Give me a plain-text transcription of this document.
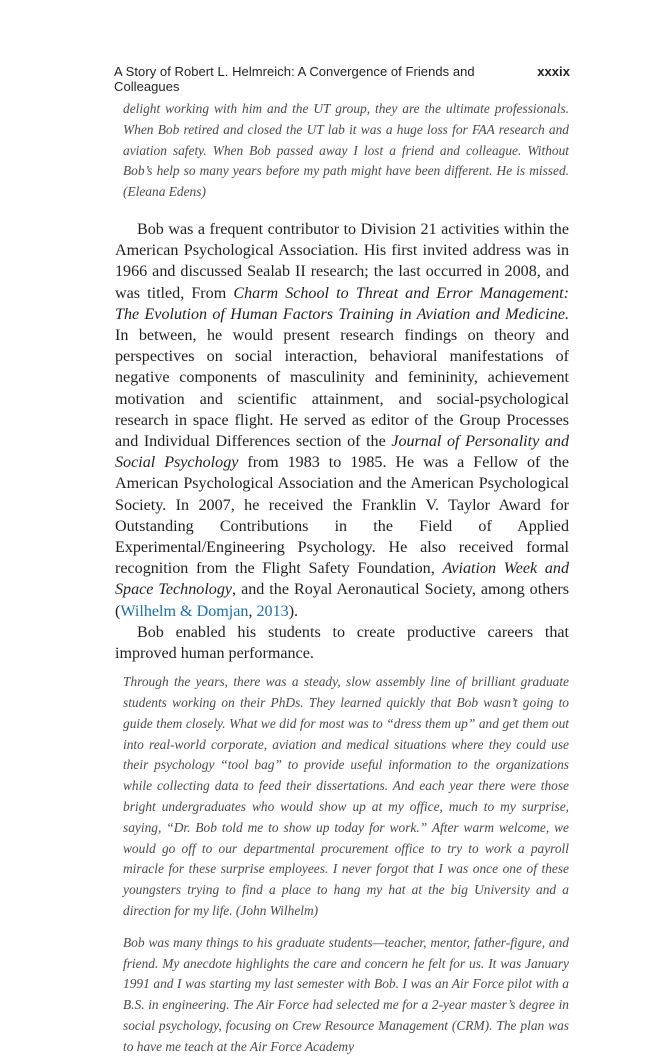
A Story of Robert L. Helmreich: A Convergence of Friends and Colleagues
xxxix

delight working with him and the UT group, they are the ultimate professionals. When Bob retired and closed the UT lab it was a huge loss for FAA research and aviation safety. When Bob passed away I lost a friend and colleague. Without Bob’s help so many years before my path might have been different. He is missed. (Eleana Edens)

Bob was a frequent contributor to Division 21 activities within the American Psychological Association. His first invited address was in 1966 and discussed Sealab II research; the last occurred in 2008, and was titled, From Charm School to Threat and Error Management: The Evolution of Human Factors Training in Aviation and Medicine. In between, he would present research findings on theory and perspectives on social interaction, behavioral manifestations of negative components of masculinity and femininity, achievement motivation and scientific attainment, and social-psychological research in space flight. He served as editor of the Group Processes and Individual Differences section of the Journal of Personality and Social Psychology from 1983 to 1985. He was a Fellow of the American Psychological Association and the American Psychological Society. In 2007, he received the Franklin V. Taylor Award for Outstanding Contributions in the Field of Applied Experimental/Engineering Psychology. He also received formal recognition from the Flight Safety Foundation, Aviation Week and Space Technology, and the Royal Aeronautical Society, among others (Wilhelm & Domjan, 2013).

Bob enabled his students to create productive careers that improved human performance.

Through the years, there was a steady, slow assembly line of brilliant graduate students working on their PhDs. They learned quickly that Bob wasn’t going to guide them closely. What we did for most was to “dress them up” and get them out into real-world corporate, aviation and medical situations where they could use their psychology “tool bag” to provide useful information to the organizations while collecting data to feed their dissertations. And each year there were those bright undergraduates who would show up at my office, much to my surprise, saying, “Dr. Bob told me to show up today for work.” After warm welcome, we would go off to our departmental procurement office to try to work a payroll miracle for these surprise employees. I never forgot that I was once one of these youngsters trying to find a place to hang my hat at the big University and a direction for my life. (John Wilhelm)

Bob was many things to his graduate students—teacher, mentor, father-figure, and friend. My anecdote highlights the care and concern he felt for us. It was January 1991 and I was starting my last semester with Bob. I was an Air Force pilot with a B.S. in engineering. The Air Force had selected me for a 2-year master’s degree in social psychology, focusing on Crew Resource Management (CRM). The plan was to have me teach at the Air Force Academy
